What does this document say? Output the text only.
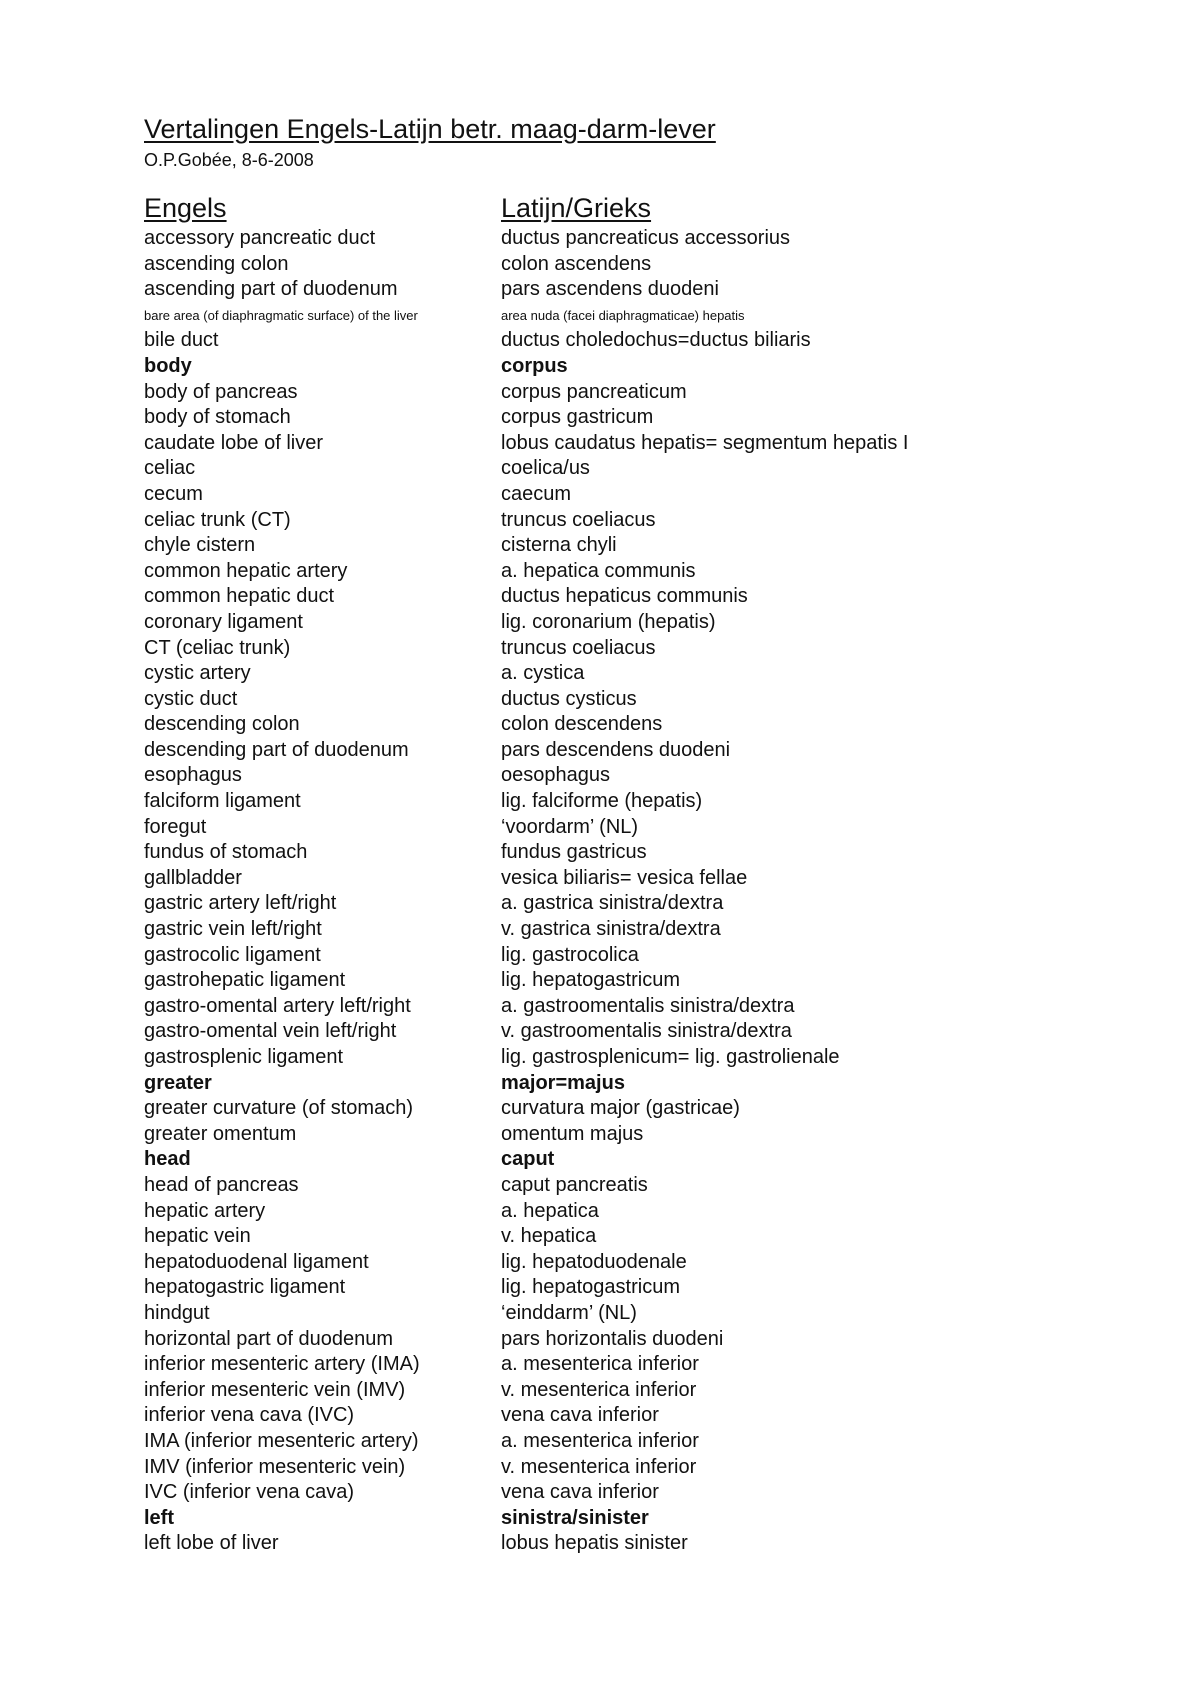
Vertalingen Engels-Latijn betr. maag-darm-lever
O.P.Gobée, 8-6-2008
Engels	Latijn/Grieks
accessory pancreatic duct	ductus pancreaticus accessorius
ascending colon	colon ascendens
ascending part of duodenum	pars ascendens duodeni
bare area (of diaphragmatic surface) of the liver	area nuda (facei diaphragmaticae) hepatis
bile duct	ductus choledochus=ductus biliaris
body	corpus
body of pancreas	corpus pancreaticum
body of stomach	corpus gastricum
caudate lobe of liver	lobus caudatus hepatis= segmentum hepatis I
celiac	coelica/us
cecum	caecum
celiac trunk (CT)	truncus coeliacus
chyle cistern	cisterna chyli
common hepatic artery	a. hepatica communis
common hepatic duct	ductus hepaticus communis
coronary ligament	lig. coronarium (hepatis)
CT (celiac trunk)	truncus coeliacus
cystic artery	a. cystica
cystic duct	ductus cysticus
descending colon	colon descendens
descending part of duodenum	pars descendens duodeni
esophagus	oesophagus
falciform ligament	lig. falciforme (hepatis)
foregut	‘voordarm’ (NL)
fundus of stomach	fundus gastricus
gallbladder	vesica biliaris= vesica fellae
gastric artery left/right	a. gastrica sinistra/dextra
gastric vein left/right	v. gastrica sinistra/dextra
gastrocolic ligament	lig. gastrocolica
gastrohepatic ligament	lig. hepatogastricum
gastro-omental artery left/right	a. gastroomentalis sinistra/dextra
gastro-omental vein left/right	v. gastroomentalis sinistra/dextra
gastrosplenic ligament	lig. gastrosplenicum= lig. gastrolienale
greater	major=majus
greater curvature (of stomach)	curvatura major (gastricae)
greater omentum	omentum majus
head	caput
head of pancreas	caput pancreatis
hepatic artery	a. hepatica
hepatic vein	v. hepatica
hepatoduodenal ligament	lig. hepatoduodenale
hepatogastric ligament	lig. hepatogastricum
hindgut	‘einddarm’ (NL)
horizontal part of duodenum	pars horizontalis duodeni
inferior mesenteric artery (IMA)	a. mesenterica inferior
inferior mesenteric vein (IMV)	v. mesenterica inferior
inferior vena cava (IVC)	vena cava inferior
IMA (inferior mesenteric artery)	a. mesenterica inferior
IMV (inferior mesenteric vein)	v. mesenterica inferior
IVC (inferior vena cava)	vena cava inferior
left	sinistra/sinister
left lobe of liver	lobus hepatis sinister
